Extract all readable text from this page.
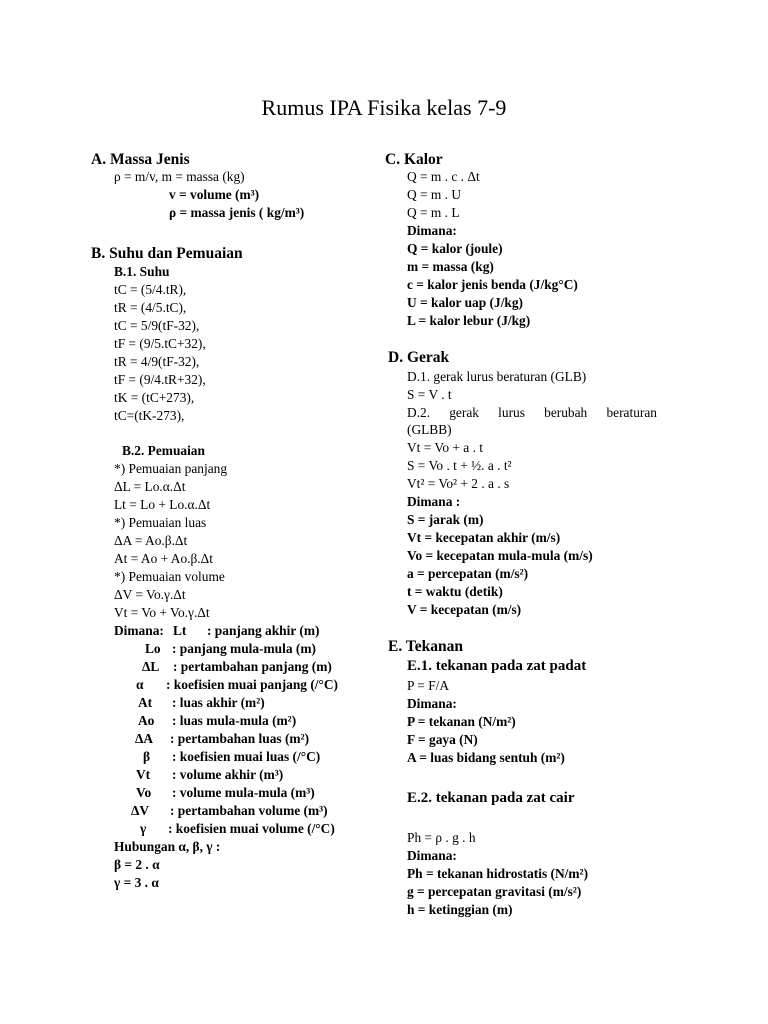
Rumus IPA Fisika kelas 7-9
A. Massa Jenis
ρ = m/v, m = massa (kg)
v = volume (m³)
ρ = massa jenis ( kg/m³)
B. Suhu dan Pemuaian
B.1. Suhu
tC = (5/4.tR),
tR = (4/5.tC),
tC = 5/9(tF-32),
tF = (9/5.tC+32),
tR = 4/9(tF-32),
tF = (9/4.tR+32),
tK = (tC+273),
tC=(tK-273),
B.2. Pemuaian
*) Pemuaian panjang
ΔL = Lo.α.Δt
Lt = Lo + Lo.α.Δt
*) Pemuaian luas
ΔA = Ao.β.Δt
At = Ao + Ao.β.Δt
*) Pemuaian volume
ΔV = Vo.γ.Δt
Vt = Vo + Vo.γ.Δt
Dimana: Lt : panjang akhir (m)
Lo : panjang mula-mula (m)
ΔL : pertambahan panjang (m)
α : koefisien muai panjang (/°C)
At : luas akhir (m²)
Ao : luas mula-mula (m²)
ΔA : pertambahan luas (m²)
β : koefisien muai luas (/°C)
Vt : volume akhir (m³)
Vo : volume mula-mula (m³)
ΔV : pertambahan volume (m³)
γ : koefisien muai volume (/°C)
Hubungan α, β, γ :
β = 2 . α
γ = 3 . α
C. Kalor
Q = m . c . Δt
Q = m . U
Q = m . L
Dimana:
Q = kalor (joule)
m = massa (kg)
c = kalor jenis benda (J/kg°C)
U = kalor uap (J/kg)
L = kalor lebur (J/kg)
D. Gerak
D.1. gerak lurus beraturan (GLB)
S = V . t
D.2. gerak lurus berubah beraturan
(GLBB)
Vt = Vo + a . t
S = Vo . t + ½. a . t²
Vt² = Vo² + 2 . a . s
Dimana :
S = jarak (m)
Vt = kecepatan akhir (m/s)
Vo = kecepatan mula-mula (m/s)
a = percepatan (m/s²)
t = waktu (detik)
V = kecepatan (m/s)
E. Tekanan
E.1. tekanan pada zat padat
P = F/A
Dimana:
P = tekanan (N/m²)
F = gaya (N)
A = luas bidang sentuh (m²)
E.2. tekanan pada zat cair
Ph = ρ . g . h
Dimana:
Ph = tekanan hidrostatis (N/m²)
g = percepatan gravitasi (m/s²)
h = ketinggian (m)
